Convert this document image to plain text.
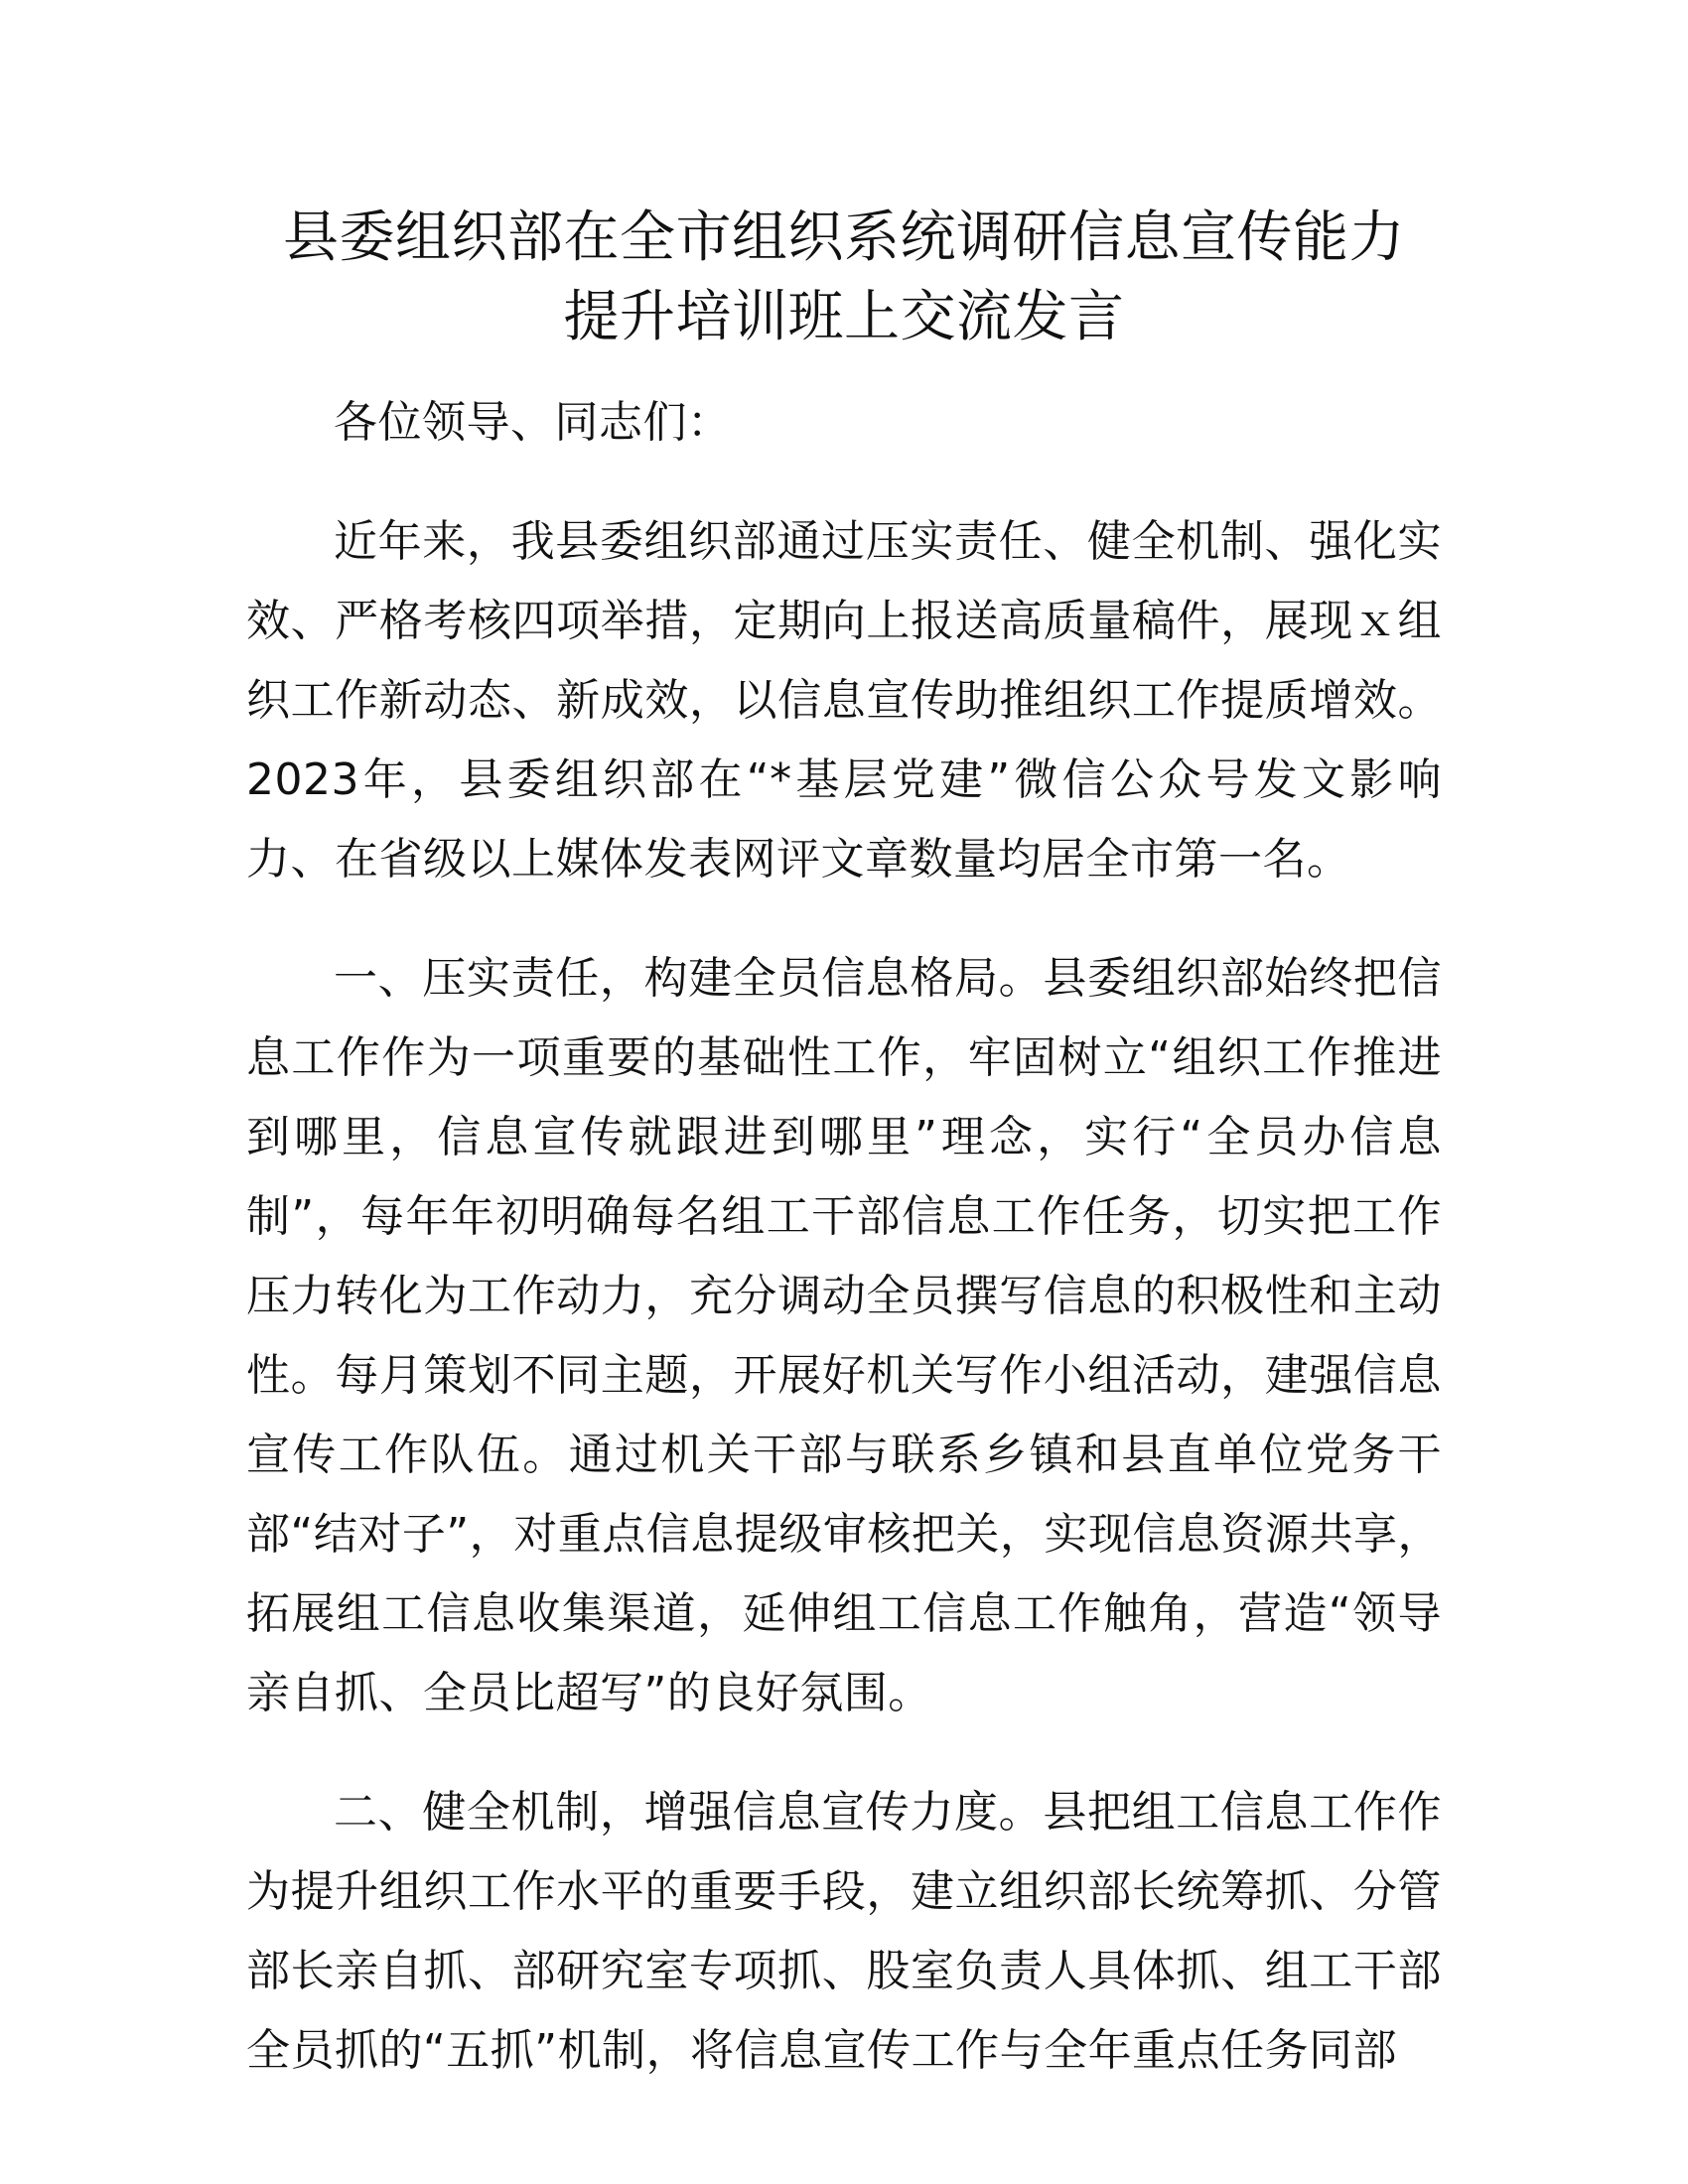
县委组织部在全市组织系统调研信息宣传能力
提升培训班上交流发言

各位领导、同志们：

近年来，我县委组织部通过压实责任、健全机制、强化实效、严格考核四项举措，定期向上报送高质量稿件，展现ｘ组织工作新动态、新成效，以信息宣传助推组织工作提质增效。2023年，县委组织部在“*基层党建”微信公众号发文影响力、在省级以上媒体发表网评文章数量均居全市第一名。

一、压实责任，构建全员信息格局。县委组织部始终把信息工作作为一项重要的基础性工作，牢固树立“组织工作推进到哪里，信息宣传就跟进到哪里”理念，实行“全员办信息制”，每年年初明确每名组工干部信息工作任务，切实把工作压力转化为工作动力，充分调动全员撰写信息的积极性和主动性。每月策划不同主题，开展好机关写作小组活动，建强信息宣传工作队伍。通过机关干部与联系乡镇和县直单位党务干部“结对子”，对重点信息提级审核把关，实现信息资源共享，拓展组工信息收集渠道，延伸组工信息工作触角，营造“领导亲自抓、全员比超写”的良好氛围。

二、健全机制，增强信息宣传力度。县把组工信息工作作为提升组织工作水平的重要手段，建立组织部长统筹抓、分管部长亲自抓、部研究室专项抓、股室负责人具体抓、组工干部全员抓的“五抓”机制，将信息宣传工作与全年重点任务同部
